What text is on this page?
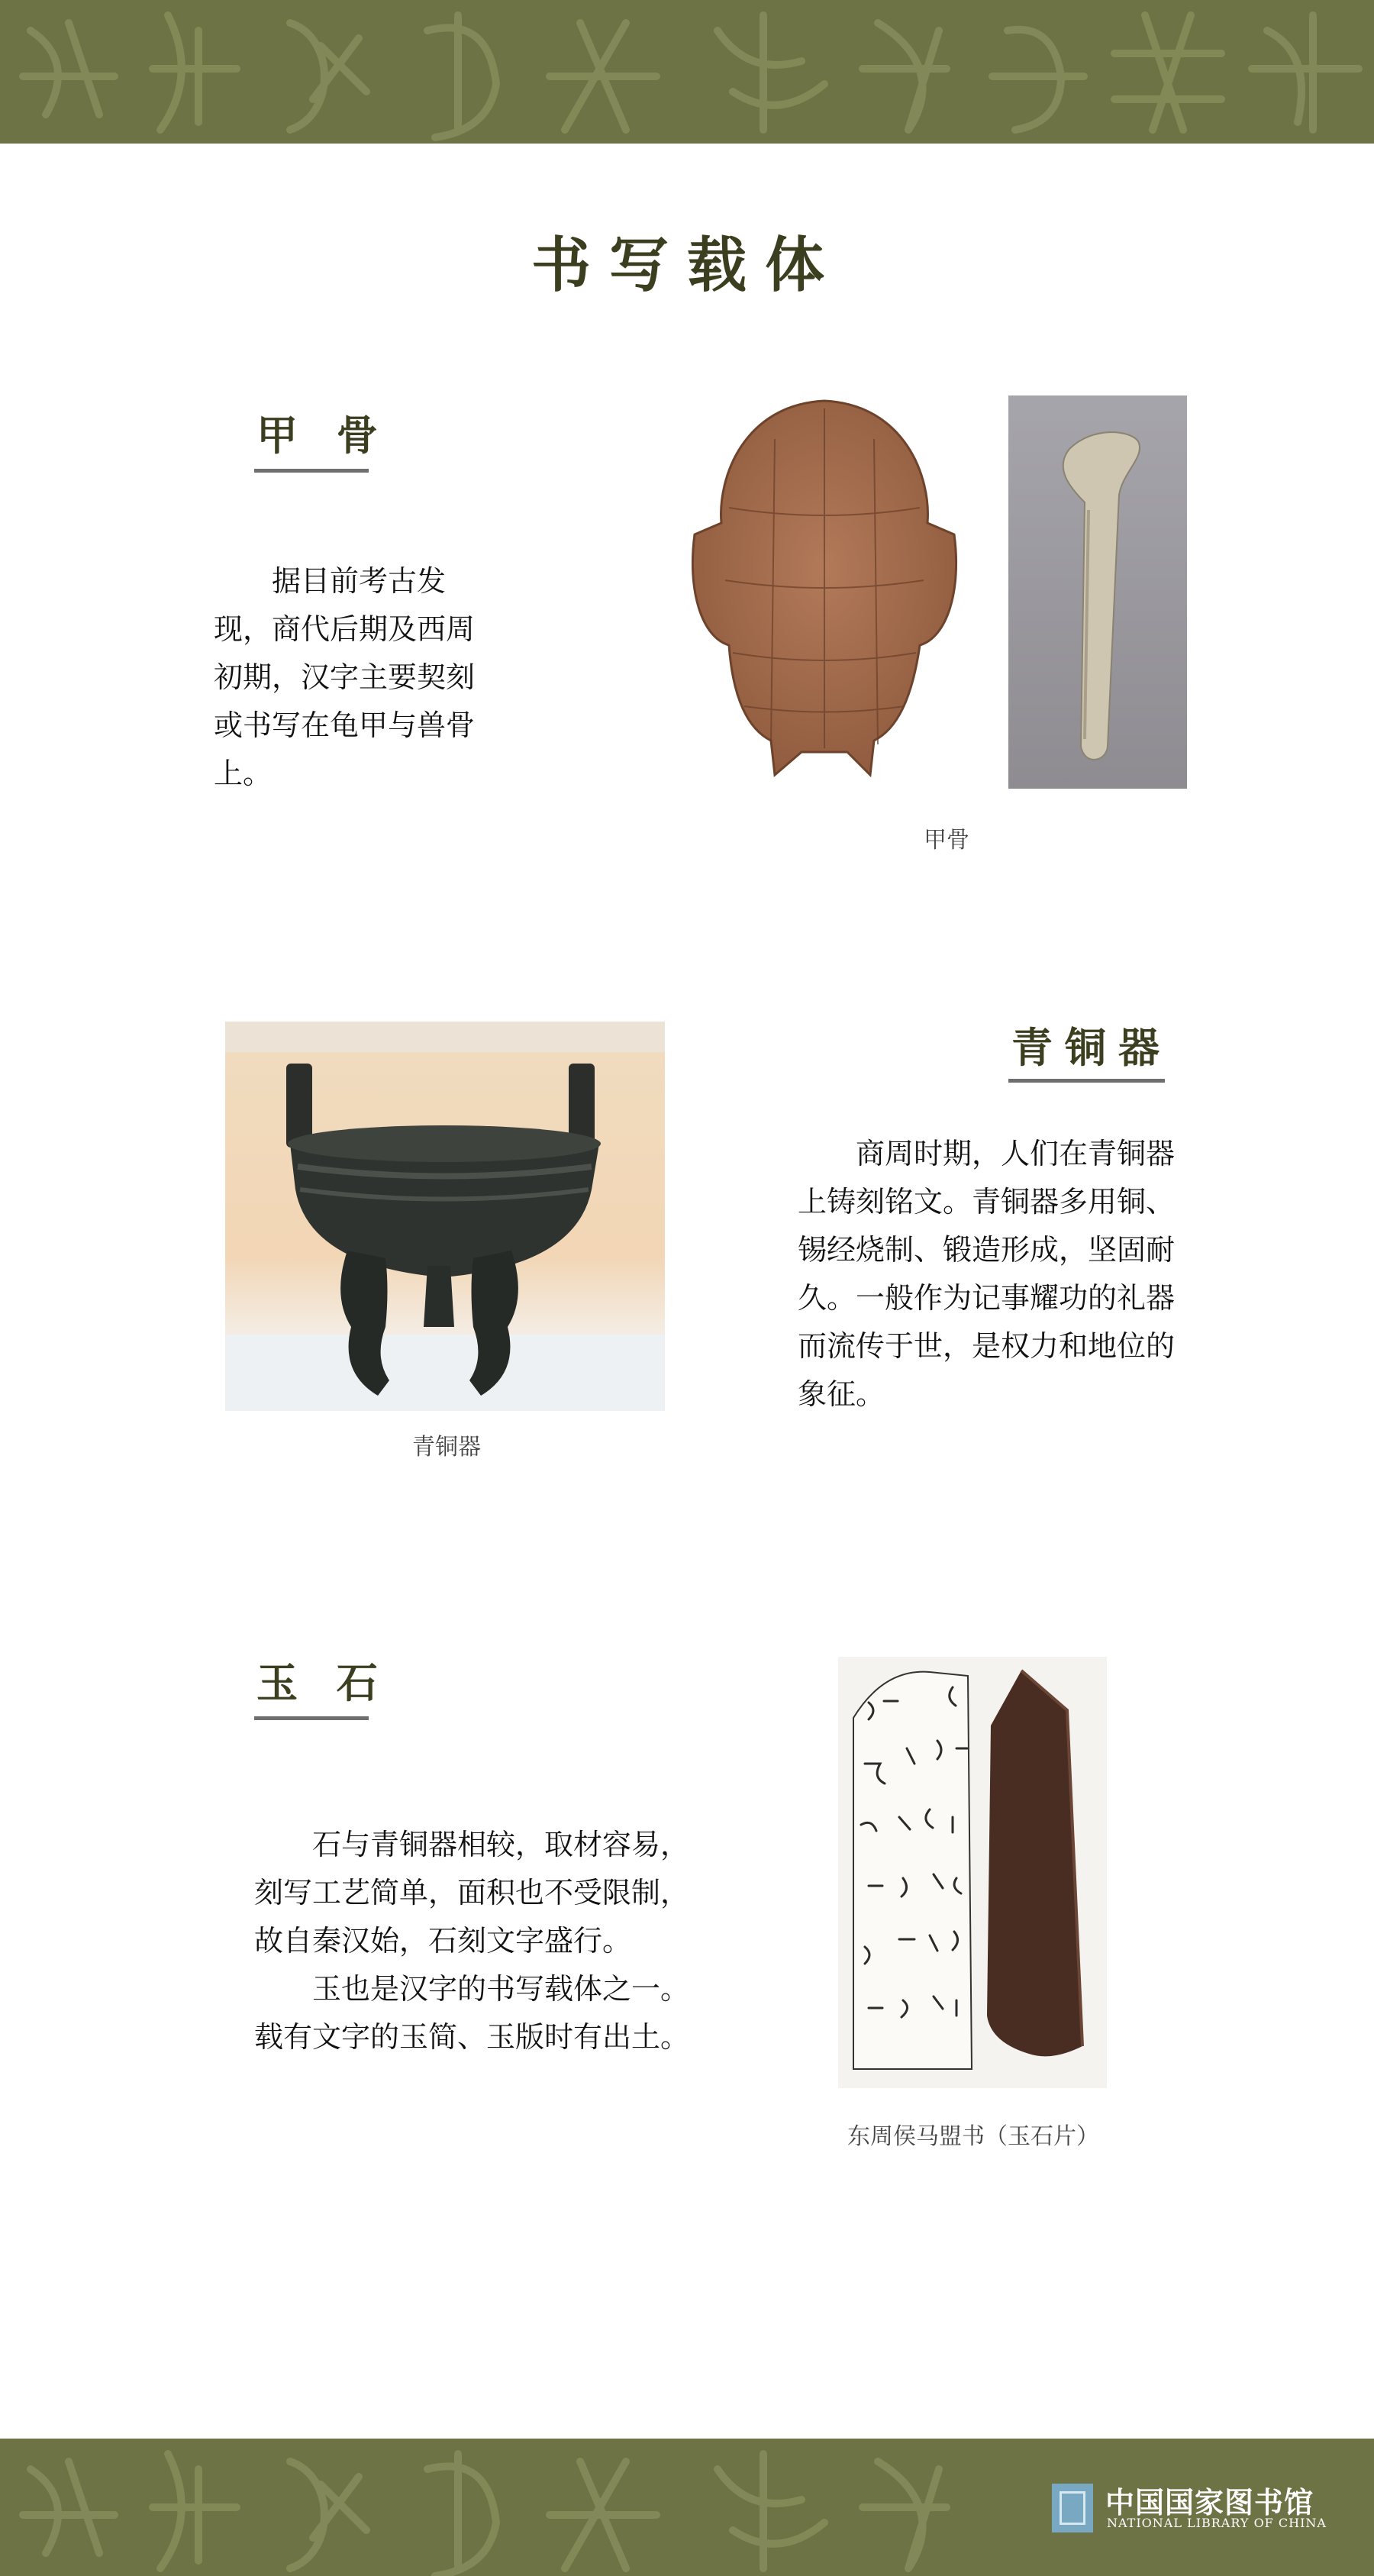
书写载体
甲 骨

据目前考古发现，商代后期及西周初期，汉字主要契刻或书写在龟甲与兽骨上。

甲骨
青铜器
青铜器

商周时期，人们在青铜器上铸刻铭文。青铜器多用铜、锡经烧制、锻造形成，坚固耐久。一般作为记事耀功的礼器而流传于世，是权力和地位的象征。

玉 石

石与青铜器相较，取材容易，刻写工艺简单，面积也不受限制，故自秦汉始，石刻文字盛行。

玉也是汉字的书写载体之一。载有文字的玉简、玉版时有出土。

东周侯马盟书（玉石片）
中国国家图书馆
NATIONAL LIBRARY OF CHINA
